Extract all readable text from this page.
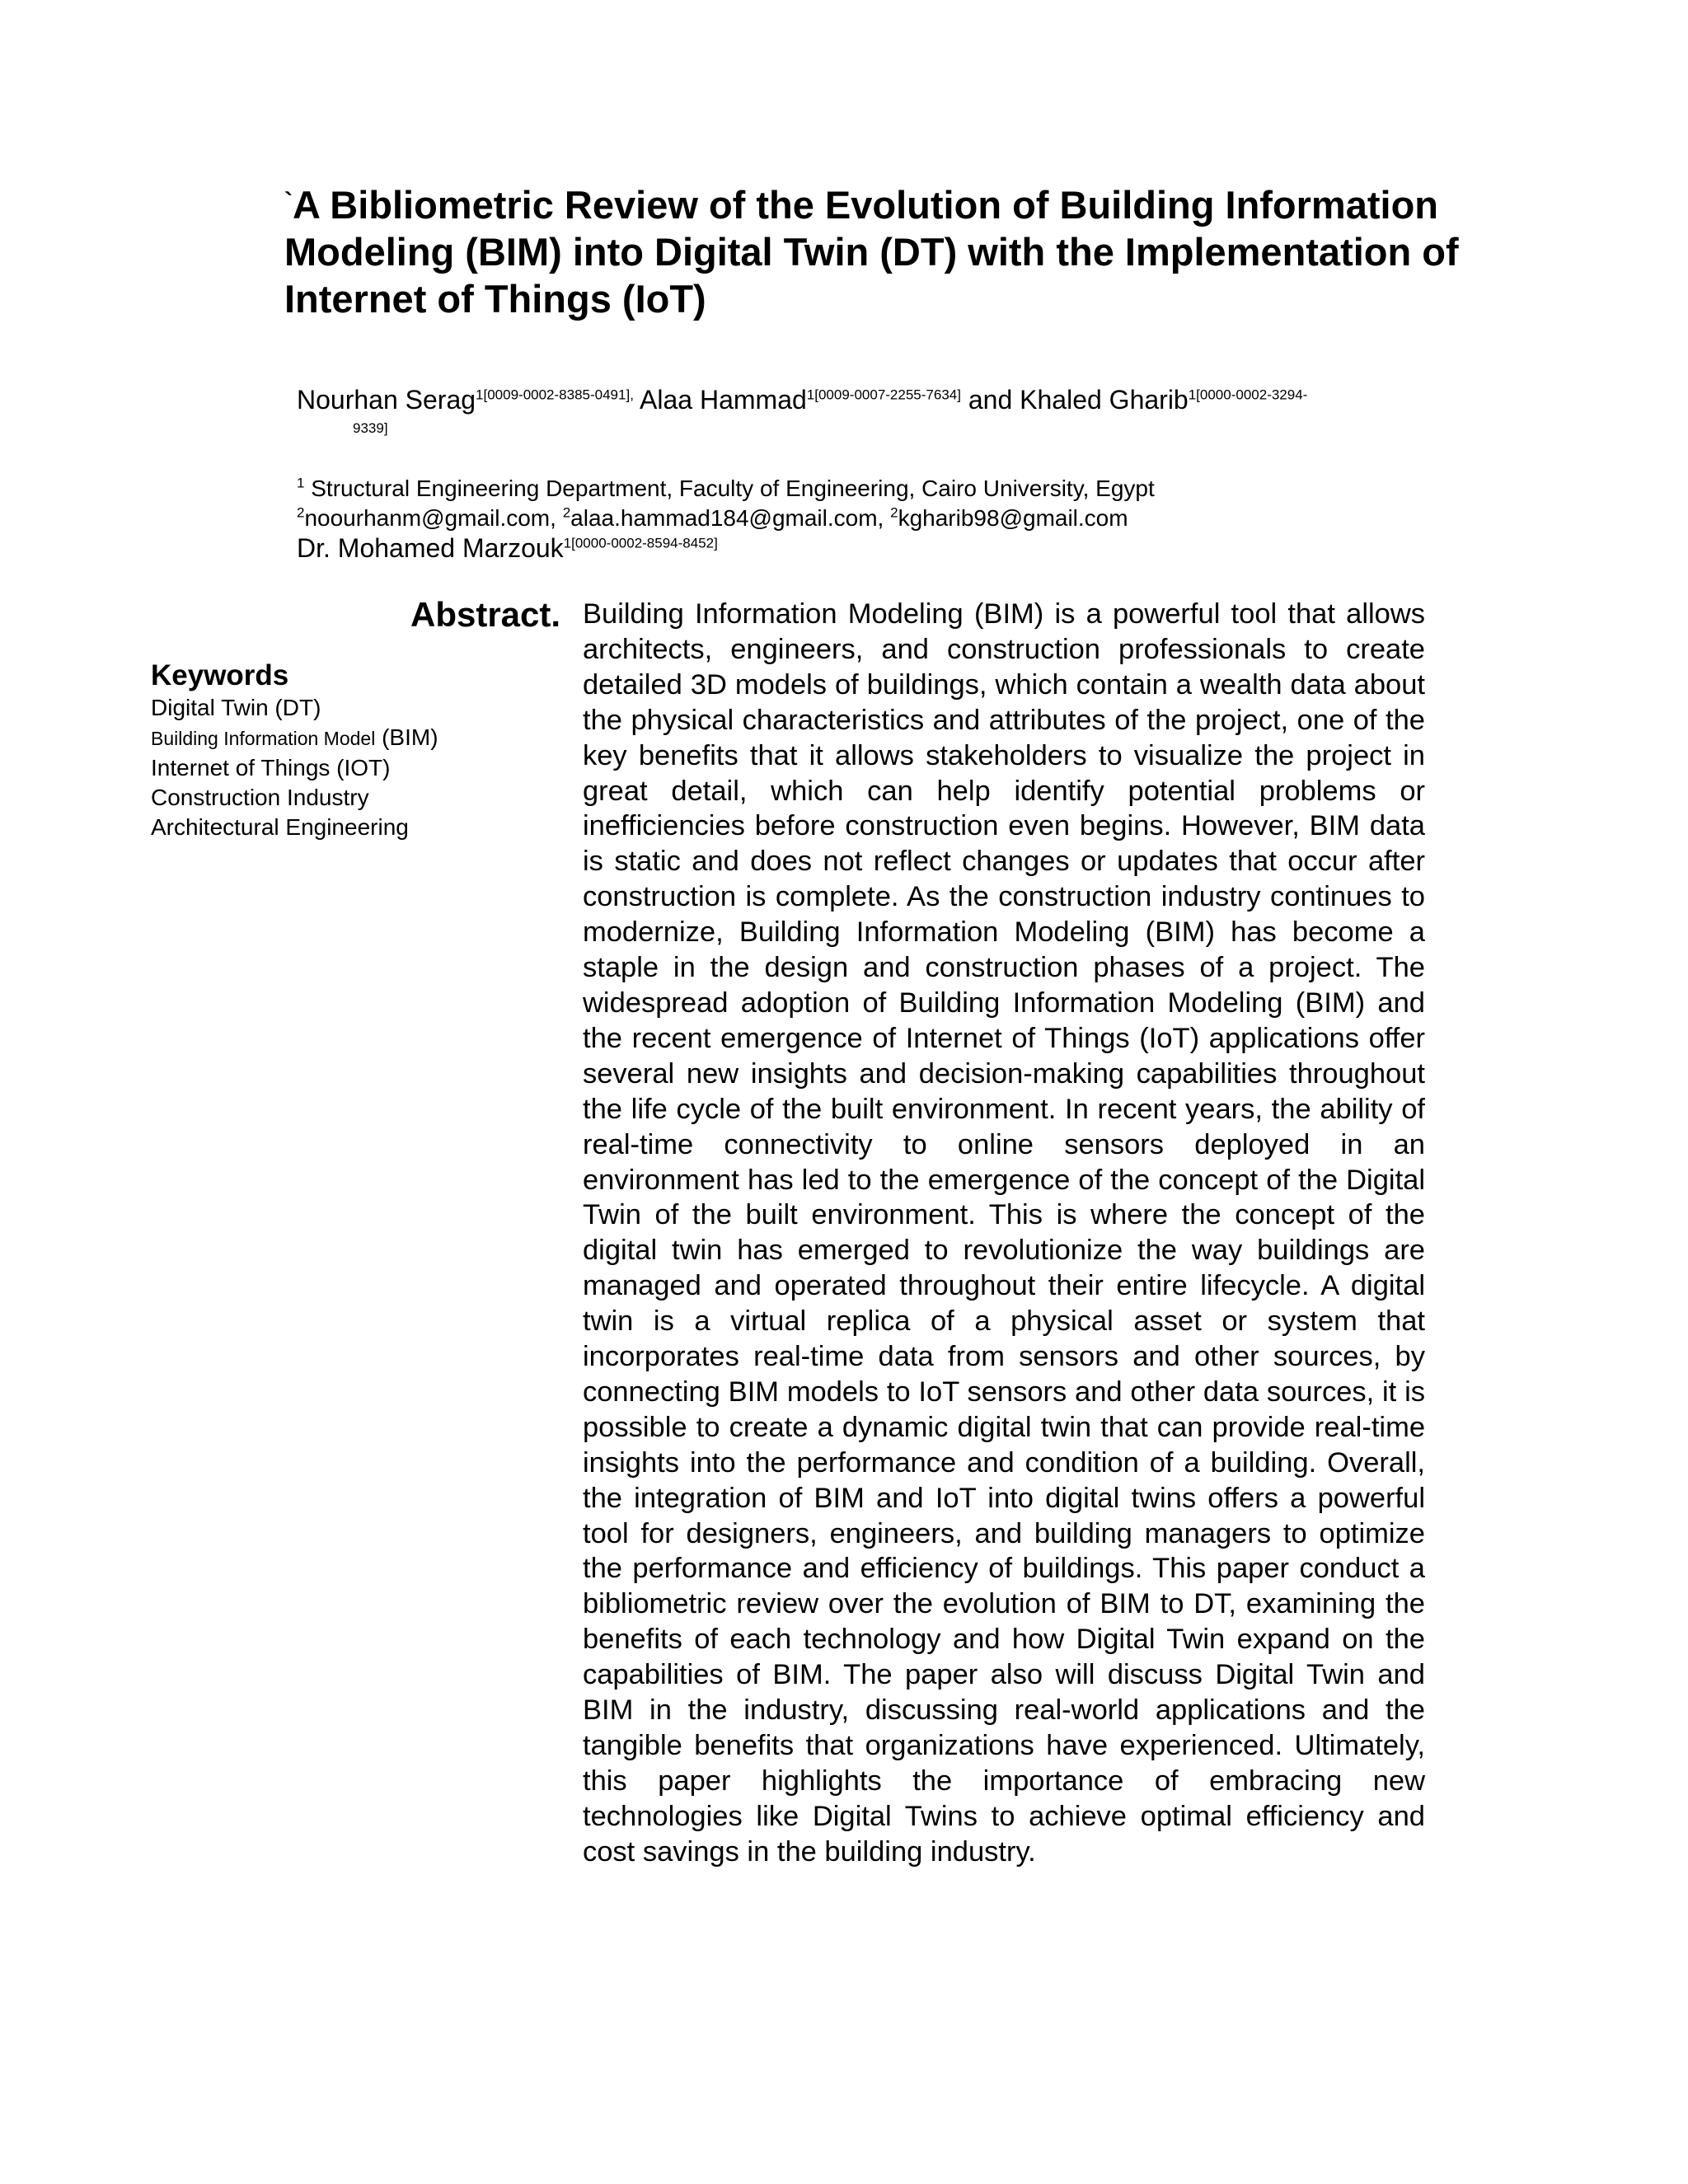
`A Bibliometric Review of the Evolution of Building Information Modeling (BIM) into Digital Twin (DT) with the Implementation of Internet of Things (IoT)
Nourhan Serag$^{1[0009-0002-8385-0491],}$ Alaa Hammad$^{1[0009-0007-2255-7634]}$ and Khaled Gharib$^{1[0000-0002-3294-}$
9339]
$^1$ Structural Engineering Department, Faculty of Engineering, Cairo University, Egypt
$^2$noourhanm@gmail.com, $^2$alaa.hammad184@gmail.com, $^2$kgharib98@gmail.com
Dr. Mohamed Marzouk$^{1[0000-0002-8594-8452]}$
Keywords
Digital Twin (DT)
Building Information Model (BIM)
Internet of Things (IOT)
Construction Industry
Architectural Engineering
Abstract. Building Information Modeling (BIM) is a powerful tool that allows architects, engineers, and construction professionals to create detailed 3D models of buildings, which contain a wealth data about the physical characteristics and attributes of the project, one of the key benefits that it allows stakeholders to visualize the project in great detail, which can help identify potential problems or inefficiencies before construction even begins. However, BIM data is static and does not reflect changes or updates that occur after construction is complete. As the construction industry continues to modernize, Building Information Modeling (BIM) has become a staple in the design and construction phases of a project. The widespread adoption of Building Information Modeling (BIM) and the recent emergence of Internet of Things (IoT) applications offer several new insights and decision-making capabilities throughout the life cycle of the built environment. In recent years, the ability of real-time connectivity to online sensors deployed in an environment has led to the emergence of the concept of the Digital Twin of the built environment. This is where the concept of the digital twin has emerged to revolutionize the way buildings are managed and operated throughout their entire lifecycle. A digital twin is a virtual replica of a physical asset or system that incorporates real-time data from sensors and other sources, by connecting BIM models to IoT sensors and other data sources, it is possible to create a dynamic digital twin that can provide real-time insights into the performance and condition of a building. Overall, the integration of BIM and IoT into digital twins offers a powerful tool for designers, engineers, and building managers to optimize the performance and efficiency of buildings. This paper conduct a bibliometric review over the evolution of BIM to DT, examining the benefits of each technology and how Digital Twin expand on the capabilities of BIM. The paper also will discuss Digital Twin and BIM in the industry, discussing real-world applications and the tangible benefits that organizations have experienced. Ultimately, this paper highlights the importance of embracing new technologies like Digital Twins to achieve optimal efficiency and cost savings in the building industry.
